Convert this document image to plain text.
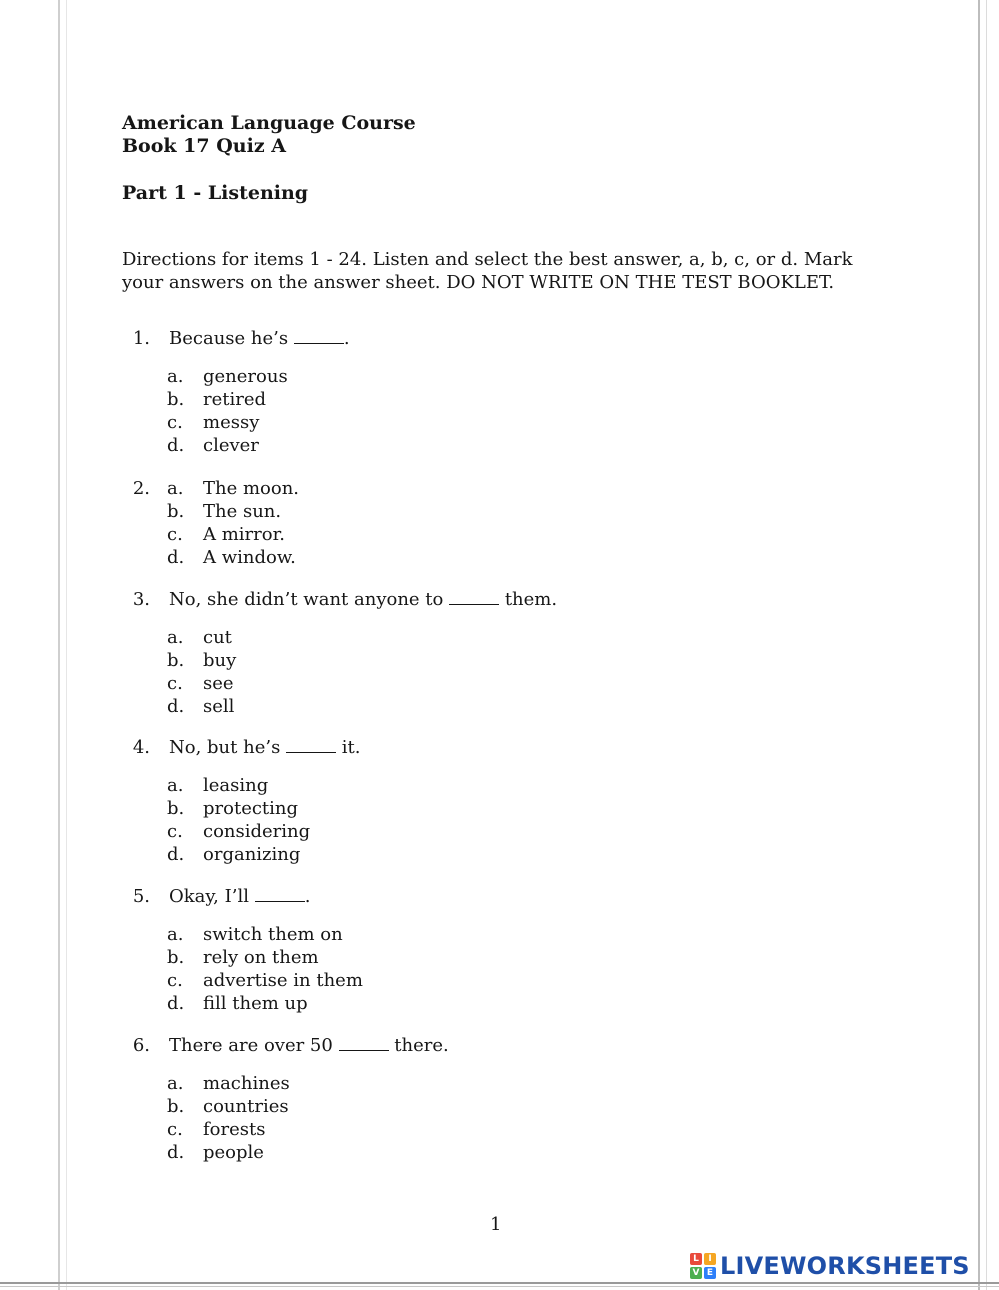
American Language Course
Book 17 Quiz A
Part 1 - Listening

Directions for items 1 - 24. Listen and select the best answer, a, b, c, or d. Mark

your answers on the answer sheet. DO NOT WRITE ON THE TEST BOOKLET.

1. Because he’s	.
a. generous
b. retired
c. messy
d. clever
2. a. The moon.
b. The sun.
c. A mirror.
d. A window.
3. No, she didn’t want anyone to	them.
a. cut
b. buy
c. see
d. sell
4. No, but he’s	it.
a. leasing
b. protecting
c. considering
d. organizing
5. Okay, I’ll	.
a. switch them on
b. rely on them
c. advertise in them
d. fill them up
6. There are over 50	there.
a. machines
b. countries
c. forests
d. people
1
L	I
V E LIVEWORKSHEETS
